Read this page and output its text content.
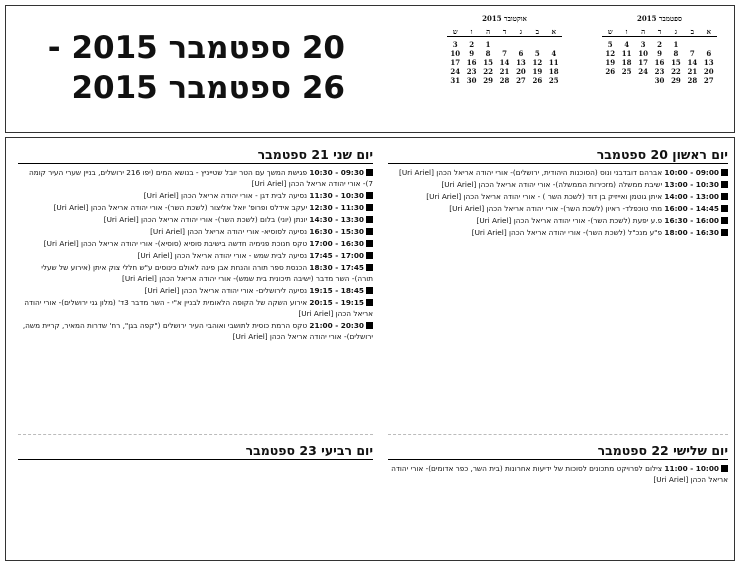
20 ספטמבר 2015 -
26 ספטמבר 2015
אוקטובר 2015
א
ב
ג
ד
ה
ו
ש
1
2
3
4
5
6
7
8
9
10
11
12
13
14
15
16
17
18
19
20
21
22
23
24
25
26
27
28
29
30
31
ספטמבר 2015
א
ב
ג
ד
ה
ו
ש
1
2
3
4
5
6
7
8
9
10
11
12
13
14
15
16
17
18
19
20
21
22
23
24
25
26
27
28
29
30
יום ראשון 20 ספטמבר
09:00 - 10:00 אברהם דובדבני ונוס (הסוכנות היהודית, ירושלים)- אורי יהודה אריאל הכהן [Uri Ariel]
10:30 - 13:00 ישיבת ממשלה (מזכירות הממשלה)- אורי יהודה אריאל הכהן [Uri Ariel]
13:00 - 14:00 איתן גוטמן ואייזיק בן דוד (לשכת השר ) - אורי יהודה אריאל הכהן [Uri Ariel]
14:45 - 16:00 מתי טוכפלד- ראיון (לשכת השר)- אורי יהודה אריאל הכהן [Uri Ariel]
16:00 - 16:30 פ.ע יפעת (לשכת השר)- אורי יהודה אריאל הכהן [Uri Ariel]
16:30 - 18:00 פ"ע מנכ"ל (לשכת השר)- אורי יהודה אריאל הכהן [Uri Ariel]
יום שני 21 ספטמבר
09:30 - 10:30 פגישת המשך עם הטר יובל שטייניץ - בנושא המים (יפו 216 ירושלים, בניין שערי העיר קומה 7)- אורי יהודה אריאל הכהן [Uri Ariel]
10:30 - 11:30 נסיעה לבית דגן - אורי יהודה אריאל הכהן [Uri Ariel]
11:30 - 12:30 יעקב אידלס ופרופ' יואל אליצור (לשכת השר)- אורי יהודה אריאל הכהן [Uri Ariel]
13:30 - 14:30 יונתן (יוני) בלום (לשכת השר)- אורי יהודה אריאל הכהן [Uri Ariel]
15:30 - 16:30 נסיעה לסוסיא- אורי יהודה אריאל הכהן [Uri Ariel]
16:30 - 17:00 טקס חנוכת פנימיה חדשה בישיבת סוסיא (סוסיא)- אורי יהודה אריאל הכהן [Uri Ariel]
17:00 - 17:45 נסיעה לבית שמש - אורי יהודה אריאל הכהן [Uri Ariel]
17:45 - 18:30 הכנסת ספר תורה והנחת אבן פינה לאולם כינוסים ע"ש חללי צוק איתן (אירוע של שעלי תורה)- השר מדבר (ישיבה תיכונית בית שמש)- אורי יהודה אריאל הכהן [Uri Ariel]
18:45 - 19:15 נסיעה לירושלים- אורי יהודה אריאל הכהן [Uri Ariel]
19:15 - 20:15 אירוע השקה של הקופה הלאומית לבניין א"י - השר מדבר 3ד' (מלון גני ירושלים)- אורי יהודה אריאל הכהן [Uri Ariel]
20:30 - 21:00 טקס הרמת כוסית לתושבי ואוהבי העיר ירושלים ("קפה בגן", רח' שדרות המאיר, קריית משה, ירושלים)- אורי יהודה אריאל הכהן [Uri Ariel]
יום שלישי 22 ספטמבר
10:00 - 11:00 צילום לפרויקט מתכונים לסוכות של ידיעות אחרונות (בית השר, כפר אדומים)- אורי יהודה אריאל הכהן [Uri Ariel]
יום רביעי 23 ספטמבר
